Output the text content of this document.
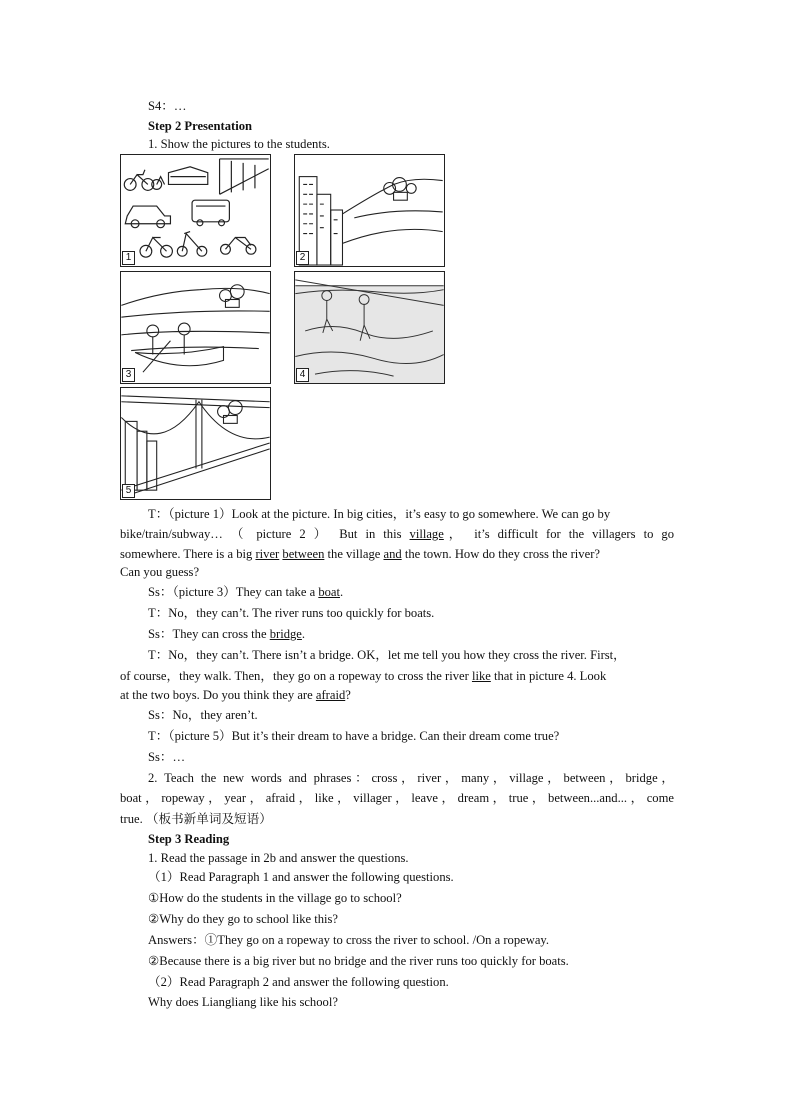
S4：…
Step 2 Presentation
1. Show the pictures to the students.
1	2
3	4
5
T：（picture 1）Look at the picture. In big cities，it’s easy to go somewhere. We can go by
bike/train/subway… （ picture 2 ） But in this village， it’s difficult for the villagers to go
somewhere. There is a big river between the village and the town. How do they cross the river?
Can you guess?
Ss：（picture 3）They can take a boat.
T：No，they can’t. The river runs too quickly for boats.
Ss：They can cross the bridge.
T：No，they can’t. There isn’t a bridge. OK，let me tell you how they cross the river. First，
of course，they walk. Then，they go on a ropeway to cross the river like that in picture 4. Look
at the two boys. Do you think they are afraid?
Ss：No，they aren’t.
T：（picture 5）But it’s their dream to have a bridge. Can their dream come true?
Ss：…
2. Teach the new words and phrases：cross，river，many，village，between，bridge，
boat，ropeway，year，afraid，like，villager，leave，dream，true，between...and...，come
true. （板书新单词及短语）
Step 3 Reading
1. Read the passage in 2b and answer the questions.
（1）Read Paragraph 1 and answer the following questions.
①How do the students in the village go to school?
②Why do they go to school like this?
Answers：①They go on a ropeway to cross the river to school. /On a ropeway.
②Because there is a big river but no bridge and the river runs too quickly for boats.
（2）Read Paragraph 2 and answer the following question.
Why does Liangliang like his school?
